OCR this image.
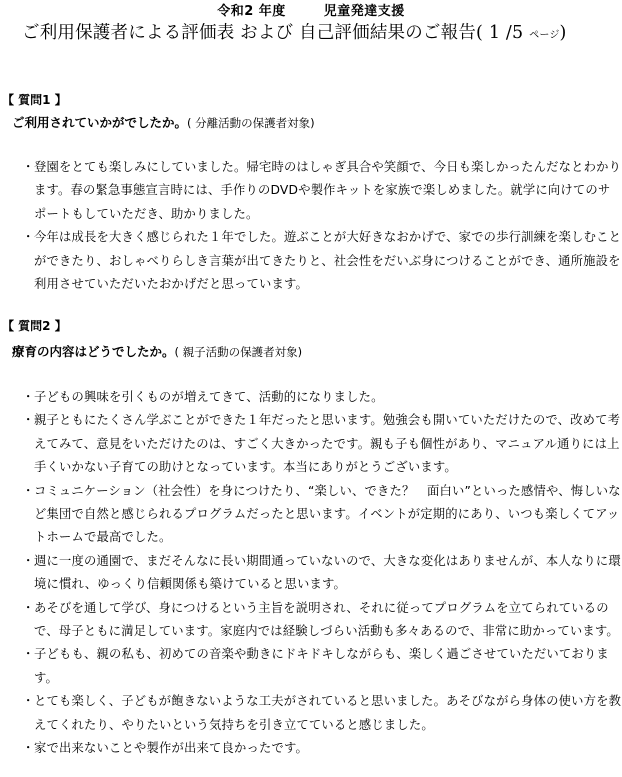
令和2 年度	児童発達支援
ご利用保護者による評価表 および 自己評価結果のご報告( 1 /5 ページ)
【 質問1 】
ご利用されていかがでしたか。( 分離活動の保護者対象)
・ 登園をとても楽しみにしていました。帰宅時のはしゃぎ具合や笑顔で、今日も楽しかったんだなとわかります。春の緊急事態宣言時には、手作りのDVDや製作キットを家族で楽しめました。就学に向けてのサポートもしていただき、助かりました。
・ 今年は成長を大きく感じられた１年でした。遊ぶことが大好きなおかげで、家での歩行訓練を楽しむことができたり、おしゃべりらしき言葉が出てきたりと、社会性をだいぶ身につけることができ、通所施設を利用させていただいたおかげだと思っています。
【 質問2 】
療育の内容はどうでしたか。( 親子活動の保護者対象)
・ 子どもの興味を引くものが増えてきて、活動的になりました。
・ 親子ともにたくさん学ぶことができた１年だったと思います。勉強会も開いていただけたので、改めて考えてみて、意見をいただけたのは、すごく大きかったです。親も子も個性があり、マニュアル通りには上手くいかない子育ての助けとなっています。本当にありがとうございます。
・ コミュニケーション（社会性）を身につけたり、“楽しい、できた？　面白い”といった感情や、悔しいなど集団で自然と感じられるプログラムだったと思います。イベントが定期的にあり、いつも楽しくてアットホームで最高でした。
・ 週に一度の通園で、まだそんなに長い期間通っていないので、大きな変化はありませんが、本人なりに環境に慣れ、ゆっくり信頼関係も築けていると思います。
・ あそびを通して学び、身につけるという主旨を説明され、それに従ってプログラムを立てられているので、母子ともに満足しています。家庭内では経験しづらい活動も多々あるので、非常に助かっています。
・ 子どもも、親の私も、初めての音楽や動きにドキドキしながらも、楽しく過ごさせていただいております。
・ とても楽しく、子どもが飽きないような工夫がされていると思いました。あそびながら身体の使い方を教えてくれたり、やりたいという気持ちを引き立てていると感じました。
・ 家で出来ないことや製作が出来て良かったです。
